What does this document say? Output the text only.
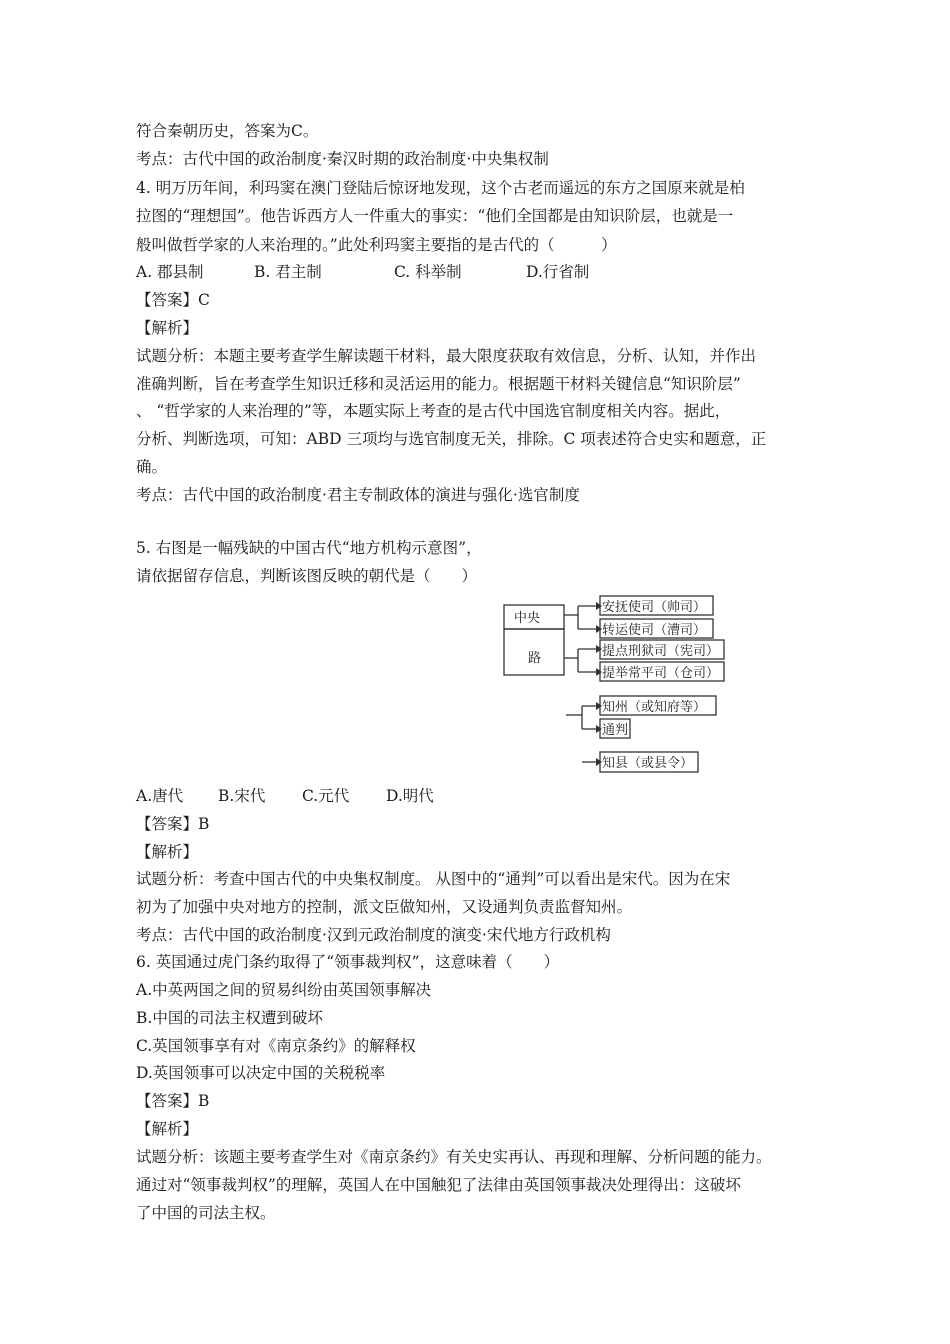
符合秦朝历史，答案为C。
考点：古代中国的政治制度·秦汉时期的政治制度·中央集权制
4. 明万历年间，利玛窦在澳门登陆后惊讶地发现，这个古老而遥远的东方之国原来就是柏
拉图的“理想国”。他告诉西方人一件重大的事实：“他们全国都是由知识阶层，也就是一
般叫做哲学家的人来治理的。”此处利玛窦主要指的是古代的（　　　）
A. 郡县制	B. 君主制	C. 科举制	D.行省制
【答案】C
【解析】
试题分析：本题主要考查学生解读题干材料，最大限度获取有效信息，分析、认知，并作出
准确判断，旨在考查学生知识迁移和灵活运用的能力。根据题干材料关键信息“知识阶层”
、 “哲学家的人来治理的”等，本题实际上考查的是古代中国选官制度相关内容。据此，
分析、判断选项，可知：ABD 三项均与选官制度无关，排除。C 项表述符合史实和题意，正
确。
考点：古代中国的政治制度·君主专制政体的演进与强化·选官制度
5. 右图是一幅残缺的中国古代“地方机构示意图”，
请依据留存信息，判断该图反映的朝代是（　　）
中央
路
安抚使司（帅司）
转运使司（漕司）
提点刑狱司（宪司）
提举常平司（仓司）
知州（或知府等）
通判
知县（或县令）
A.唐代 B.宋代 C.元代 D.明代
【答案】B
【解析】
试题分析：考查中国古代的中央集权制度。 从图中的“通判”可以看出是宋代。因为在宋
初为了加强中央对地方的控制，派文臣做知州，又设通判负责监督知州。
考点：古代中国的政治制度·汉到元政治制度的演变·宋代地方行政机构
6. 英国通过虎门条约取得了“领事裁判权”，这意味着（　　）
A.中英两国之间的贸易纠纷由英国领事解决
B.中国的司法主权遭到破坏
C.英国领事享有对《南京条约》的解释权
D.英国领事可以决定中国的关税税率
【答案】B
【解析】
试题分析：该题主要考查学生对《南京条约》有关史实再认、再现和理解、分析问题的能力。
通过对“领事裁判权”的理解，英国人在中国触犯了法律由英国领事裁决处理得出：这破坏
了中国的司法主权。
